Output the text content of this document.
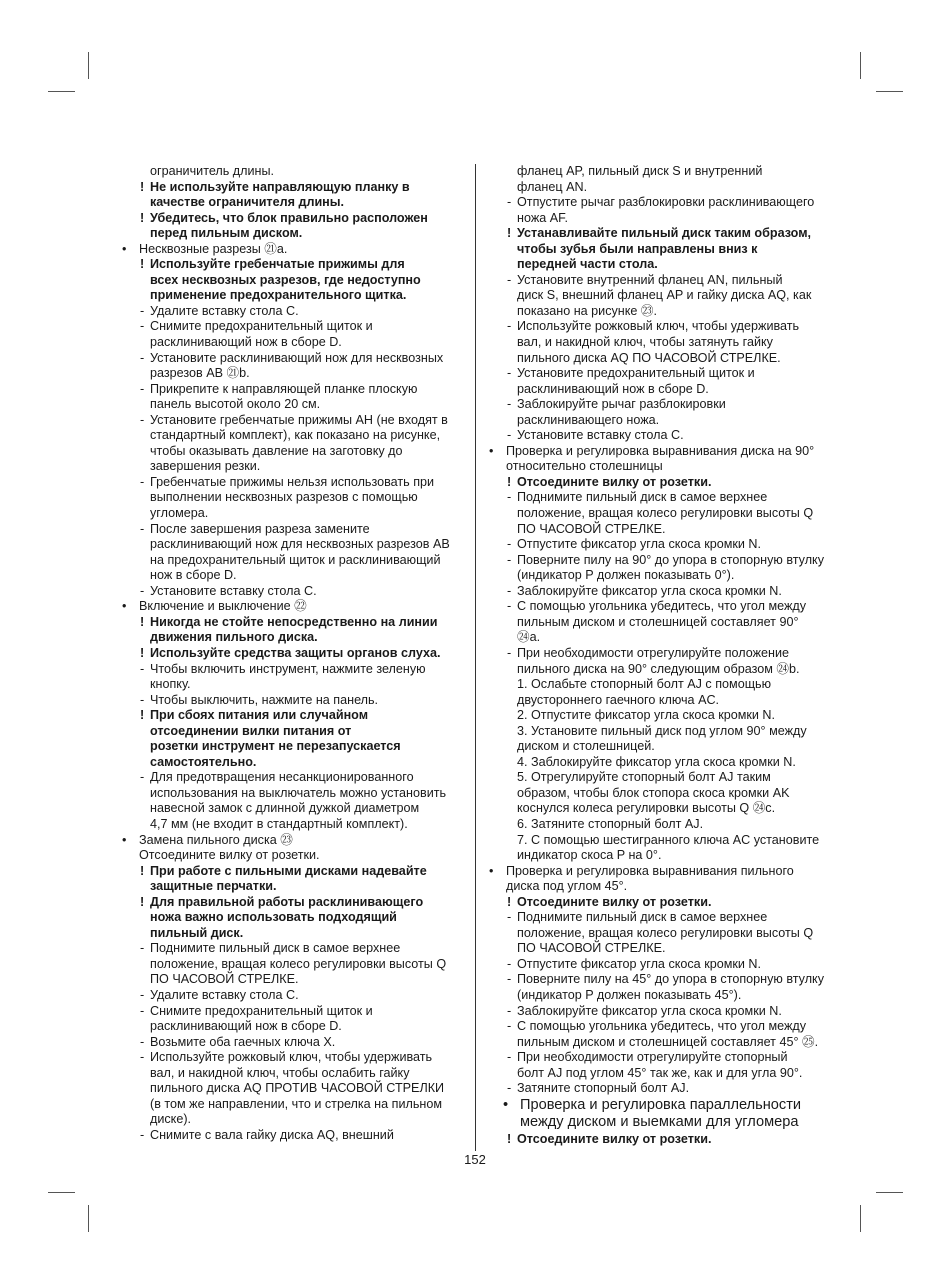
ограничитель длины.
! Не используйте направляющую планку в
качестве ограничителя длины.
! Убедитесь, что блок правильно расположен
перед пильным диском.
• Несквозные разрезы ㉑a.
! Используйте гребенчатые прижимы для
всех несквозных разрезов, где недоступно
применение предохранительного щитка.
- Удалите вставку стола C.
- Снимите предохранительный щиток и
расклинивающий нож в сборе D.
- Установите расклинивающий нож для несквозных
разрезов AB ㉑b.
- Прикрепите к направляющей планке плоскую
панель высотой около 20 см.
- Установите гребенчатые прижимы AH (не входят в
стандартный комплект), как показано на рисунке,
чтобы оказывать давление на заготовку до
завершения резки.
- Гребенчатые прижимы нельзя использовать при
выполнении несквозных разрезов с помощью
угломера.
- После завершения разреза замените
расклинивающий нож для несквозных разрезов AB
на предохранительный щиток и расклинивающий
нож в сборе D.
- Установите вставку стола C.
• Включение и выключение ㉒
! Никогда не стойте непосредственно на линии
движения пильного диска.
! Используйте средства защиты органов слуха.
- Чтобы включить инструмент, нажмите зеленую
кнопку.
- Чтобы выключить, нажмите на панель.
! При сбоях питания или случайном
отсоединении вилки питания от
розетки инструмент не перезапускается
самостоятельно.
- Для предотвращения несанкционированного
использования на выключатель можно установить
навесной замок с длинной дужкой диаметром
4,7 мм (не входит в стандартный комплект).
• Замена пильного диска ㉓
Отсоедините вилку от розетки.
! При работе с пильными дисками надевайте
защитные перчатки.
! Для правильной работы расклинивающего
ножа важно использовать подходящий
пильный диск.
- Поднимите пильный диск в самое верхнее
положение, вращая колесо регулировки высоты Q
ПО ЧАСОВОЙ СТРЕЛКЕ.
- Удалите вставку стола C.
- Снимите предохранительный щиток и
расклинивающий нож в сборе D.
- Возьмите оба гаечных ключа X.
- Используйте рожковый ключ, чтобы удерживать
вал, и накидной ключ, чтобы ослабить гайку
пильного диска AQ ПРОТИВ ЧАСОВОЙ СТРЕЛКИ
(в том же направлении, что и стрелка на пильном
диске).
- Снимите с вала гайку диска AQ, внешний
фланец AP, пильный диск S и внутренний
фланец AN.
- Отпустите рычаг разблокировки расклинивающего
ножа AF.
! Устанавливайте пильный диск таким образом,
чтобы зубья были направлены вниз к
передней части стола.
- Установите внутренний фланец AN, пильный
диск S, внешний фланец AP и гайку диска AQ, как
показано на рисунке ㉓.
- Используйте рожковый ключ, чтобы удерживать
вал, и накидной ключ, чтобы затянуть гайку
пильного диска AQ ПО ЧАСОВОЙ СТРЕЛКЕ.
- Установите предохранительный щиток и
расклинивающий нож в сборе D.
- Заблокируйте рычаг разблокировки
расклинивающего ножа.
- Установите вставку стола C.
• Проверка и регулировка выравнивания диска на 90°
относительно столешницы
! Отсоедините вилку от розетки.
- Поднимите пильный диск в самое верхнее
положение, вращая колесо регулировки высоты Q
ПО ЧАСОВОЙ СТРЕЛКЕ.
- Отпустите фиксатор угла скоса кромки N.
- Поверните пилу на 90° до упора в стопорную втулку
(индикатор P должен показывать 0°).
- Заблокируйте фиксатор угла скоса кромки N.
- С помощью угольника убедитесь, что угол между
пильным диском и столешницей составляет 90°
㉔a.
- При необходимости отрегулируйте положение
пильного диска на 90° следующим образом ㉔b.
1. Ослабьте стопорный болт AJ с помощью
двустороннего гаечного ключа AC.
2. Отпустите фиксатор угла скоса кромки N.
3. Установите пильный диск под углом 90° между
диском и столешницей.
4. Заблокируйте фиксатор угла скоса кромки N.
5. Отрегулируйте стопорный болт AJ таким
образом, чтобы блок стопора скоса кромки AK
коснулся колеса регулировки высоты Q ㉔c.
6. Затяните стопорный болт AJ.
7. С помощью шестигранного ключа AC установите
индикатор скоса P на 0°.
• Проверка и регулировка выравнивания пильного
диска под углом 45°.
! Отсоедините вилку от розетки.
- Поднимите пильный диск в самое верхнее
положение, вращая колесо регулировки высоты Q
ПО ЧАСОВОЙ СТРЕЛКЕ.
- Отпустите фиксатор угла скоса кромки N.
- Поверните пилу на 45° до упора в стопорную втулку
(индикатор P должен показывать 45°).
- Заблокируйте фиксатор угла скоса кромки N.
- С помощью угольника убедитесь, что угол между
пильным диском и столешницей составляет 45° ㉕.
- При необходимости отрегулируйте стопорный
болт AJ под углом 45° так же, как и для угла 90°.
- Затяните стопорный болт AJ.
• Проверка и регулировка параллельности
между диском и выемками для угломера
! Отсоедините вилку от розетки.
152
